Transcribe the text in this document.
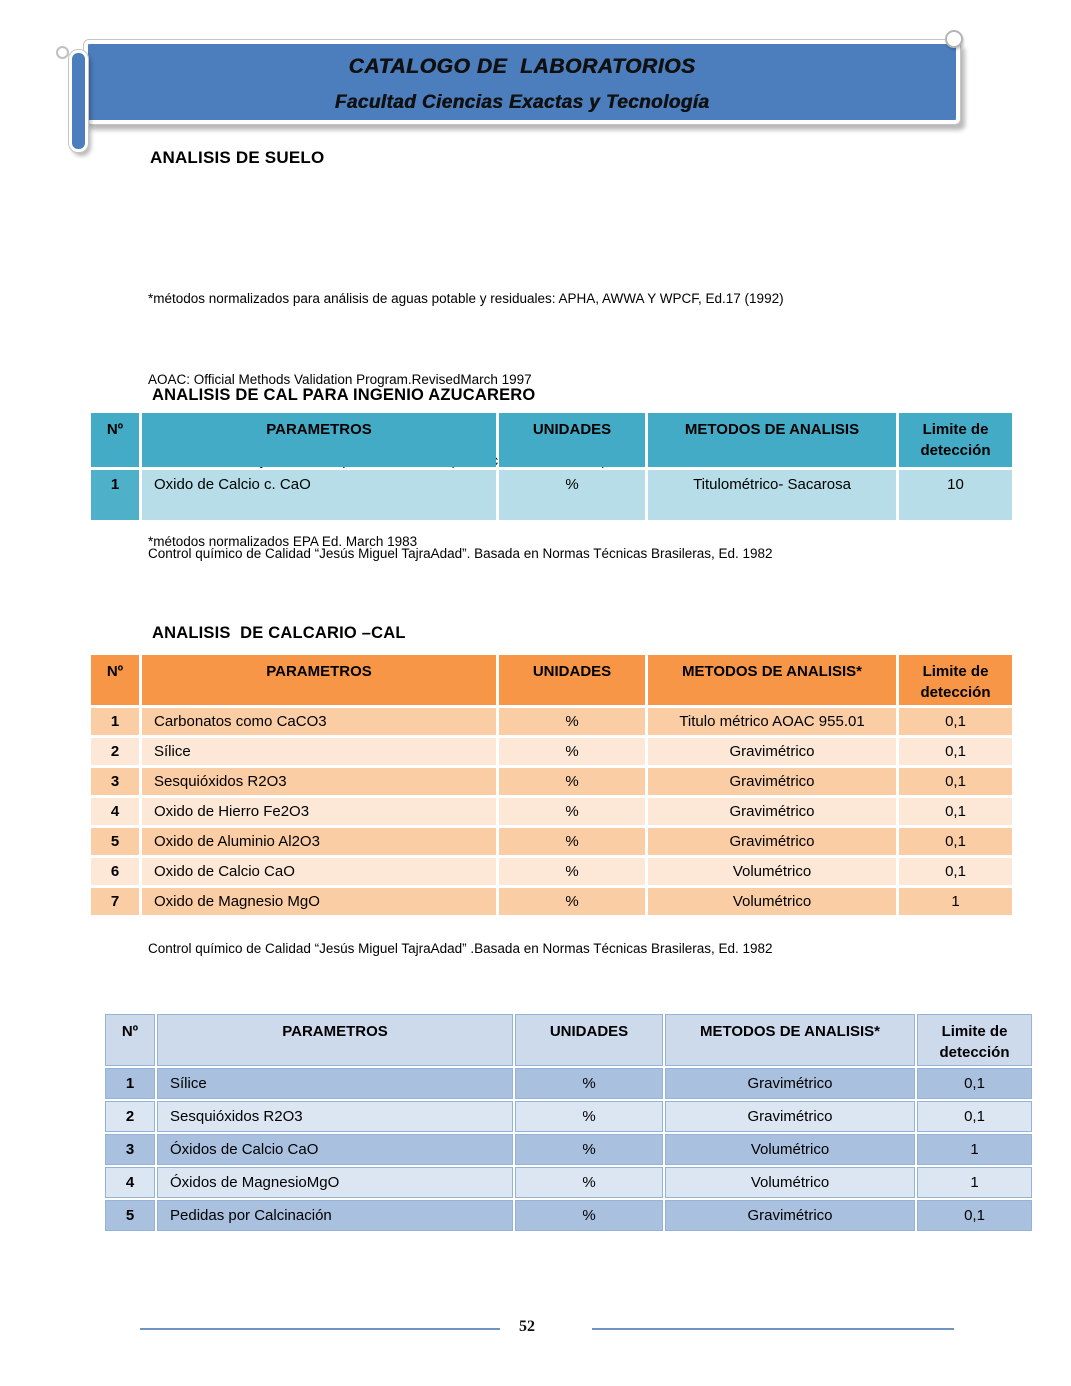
CATALOGO DE  LABORATORIOS
Facultad Ciencias Exactas y Tecnología
ANALISIS DE SUELO

*métodos normalizados para análisis de aguas potable y residuales: APHA, AWWA Y WPCF, Ed.17 (1992)

AOAC: Official Methods Validation Program.RevisedMarch 1997

*métodos normalizados EPA Ed. March 1983

ANALISIS DE CAL PARA INGENIO AZUCARERO
Nº	PARAMETROS	UNIDADES	METODOS DE ANALISIS	Limite de detección
1	Oxido de Calcio c. CaO	%	Titulométrico- Sacarosa	10
Control químico de Calidad “Jesús Miguel TajraAdad”. Basada en Normas Técnicas Brasileras, Ed. 1982
ANALISIS  DE CALCARIO –CAL
Nº	PARAMETROS	UNIDADES	METODOS DE ANALISIS*	Limite de detección
1	Carbonatos como CaCO3	%	Titulo métrico AOAC 955.01	0,1
2	Sílice	%	Gravimétrico	0,1
3	Sesquióxidos R2O3	%	Gravimétrico	0,1
4	Oxido de Hierro Fe2O3	%	Gravimétrico	0,1
5	Oxido de Aluminio Al2O3	%	Gravimétrico	0,1
6	Oxido de Calcio CaO	%	Volumétrico	0,1
7	Oxido de Magnesio MgO	%	Volumétrico	1
Control químico de Calidad “Jesús Miguel TajraAdad” .Basada en Normas Técnicas Brasileras, Ed. 1982
Nº	PARAMETROS	UNIDADES	METODOS DE ANALISIS*	Limite de detección
1	Sílice	%	Gravimétrico	0,1
2	Sesquióxidos R2O3	%	Gravimétrico	0,1
3	Óxidos de Calcio CaO	%	Volumétrico	1
4	Óxidos de MagnesioMgO	%	Volumétrico	1
5	Pedidas por Calcinación	%	Gravimétrico	0,1
52
